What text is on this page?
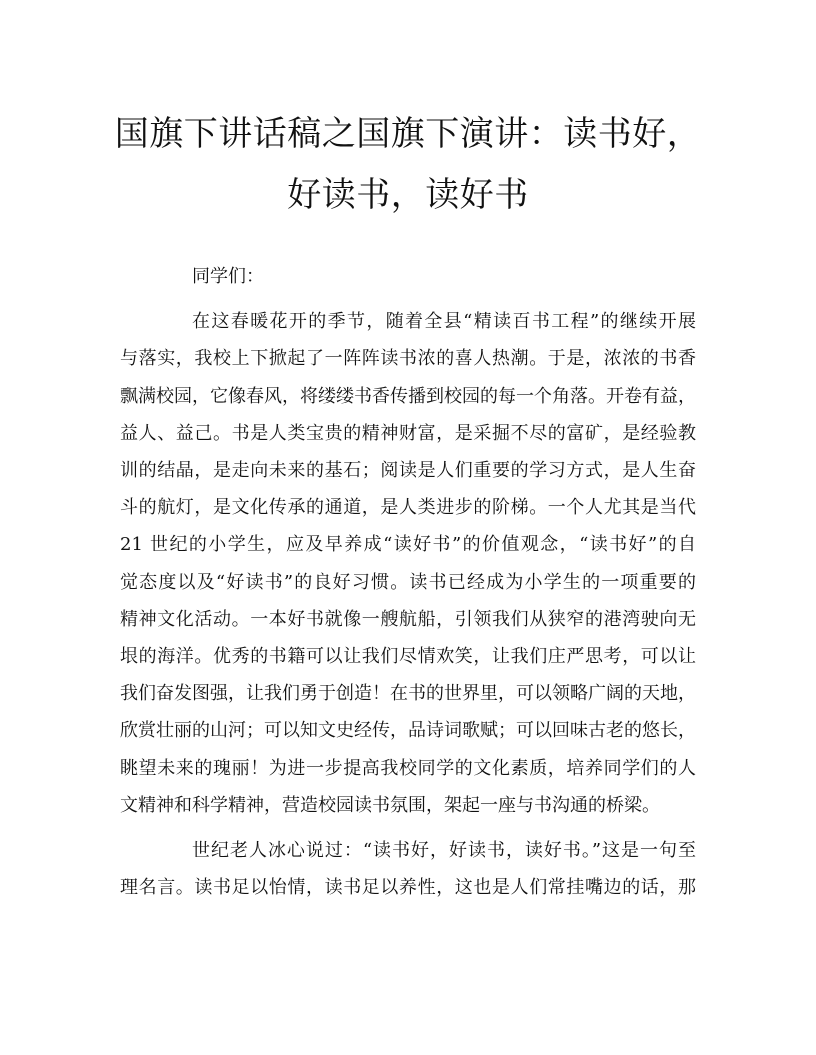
国旗下讲话稿之国旗下演讲：读书好，
好读书，读好书

同学们：

在这春暖花开的季节，随着全县“精读百书工程”的继续开展
与落实，我校上下掀起了一阵阵读书浓的喜人热潮。于是，浓浓的书香
飘满校园，它像春风，将缕缕书香传播到校园的每一个角落。开卷有益，
益人、益己。书是人类宝贵的精神财富，是采掘不尽的富矿，是经验教
训的结晶，是走向未来的基石；阅读是人们重要的学习方式，是人生奋
斗的航灯，是文化传承的通道，是人类进步的阶梯。一个人尤其是当代
21 世纪的小学生，应及早养成“读好书”的价值观念，“读书好”的自
觉态度以及“好读书”的良好习惯。读书已经成为小学生的一项重要的
精神文化活动。一本好书就像一艘航船，引领我们从狭窄的港湾驶向无
垠的海洋。优秀的书籍可以让我们尽情欢笑，让我们庄严思考，可以让
我们奋发图强，让我们勇于创造！在书的世界里，可以领略广阔的天地，
欣赏壮丽的山河；可以知文史经传，品诗词歌赋；可以回味古老的悠长，
眺望未来的瑰丽！为进一步提高我校同学的文化素质，培养同学们的人
文精神和科学精神，营造校园读书氛围，架起一座与书沟通的桥梁。
世纪老人冰心说过：“读书好，好读书，读好书。”这是一句至
理名言。读书足以怡情，读书足以养性，这也是人们常挂嘴边的话，那
